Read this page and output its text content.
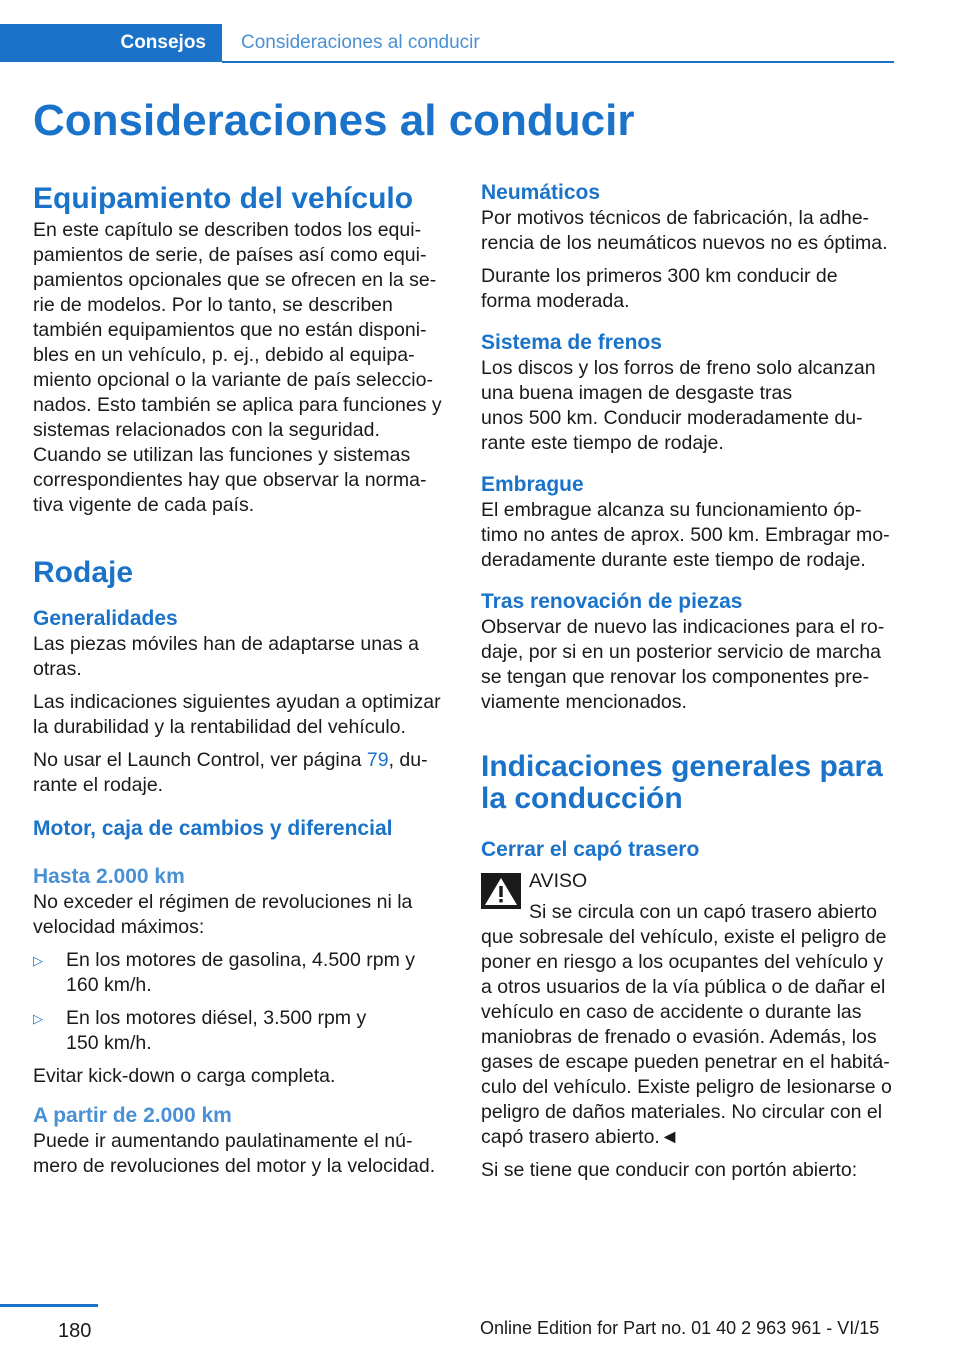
Consejos Consideraciones al conducir
Consideraciones al conducir
Equipamiento del vehículo

En este capítulo se describen todos los equi-
pamientos de serie, de países así como equi-
pamientos opcionales que se ofrecen en la se-
rie de modelos. Por lo tanto, se describen
también equipamientos que no están disponi-
bles en un vehículo, p. ej., debido al equipa-
miento opcional o la variante de país seleccio-
nados. Esto también se aplica para funciones y
sistemas relacionados con la seguridad.
Cuando se utilizan las funciones y sistemas
correspondientes hay que observar la norma-
tiva vigente de cada país.

Rodaje
Generalidades

Las piezas móviles han de adaptarse unas a
otras.

Las indicaciones siguientes ayudan a optimizar
la durabilidad y la rentabilidad del vehículo.

No usar el Launch Control, ver página 79, du-
rante el rodaje.

Motor, caja de cambios y diferencial
Hasta 2.000 km

No exceder el régimen de revoluciones ni la
velocidad máximos:

▷	En los motores de gasolina, 4.500 rpm y
160 km/h.
▷	En los motores diésel, 3.500 rpm y
150 km/h.

Evitar kick-down o carga completa.

A partir de 2.000 km

Puede ir aumentando paulatinamente el nú-
mero de revoluciones del motor y la velocidad.

Neumáticos

Por motivos técnicos de fabricación, la adhe-
rencia de los neumáticos nuevos no es óptima.

Durante los primeros 300 km conducir de
forma moderada.

Sistema de frenos

Los discos y los forros de freno solo alcanzan
una buena imagen de desgaste tras
unos 500 km. Conducir moderadamente du-
rante este tiempo de rodaje.

Embrague

El embrague alcanza su funcionamiento óp-
timo no antes de aprox. 500 km. Embragar mo-
deradamente durante este tiempo de rodaje.

Tras renovación de piezas

Observar de nuevo las indicaciones para el ro-
daje, por si en un posterior servicio de marcha
se tengan que renovar los componentes pre-
viamente mencionados.

Indicaciones generales para
la conducción
Cerrar el capó trasero

AVISO

Si se circula con un capó trasero abierto

que sobresale del vehículo, existe el peligro de
poner en riesgo a los ocupantes del vehículo y
a otros usuarios de la vía pública o de dañar el
vehículo en caso de accidente o durante las
maniobras de frenado o evasión. Además, los
gases de escape pueden penetrar en el habitá-
culo del vehículo. Existe peligro de lesionarse o
peligro de daños materiales. No circular con el
capó trasero abierto.◄

Si se tiene que conducir con portón abierto:

180	Online Edition for Part no. 01 40 2 963 961 - VI/15
